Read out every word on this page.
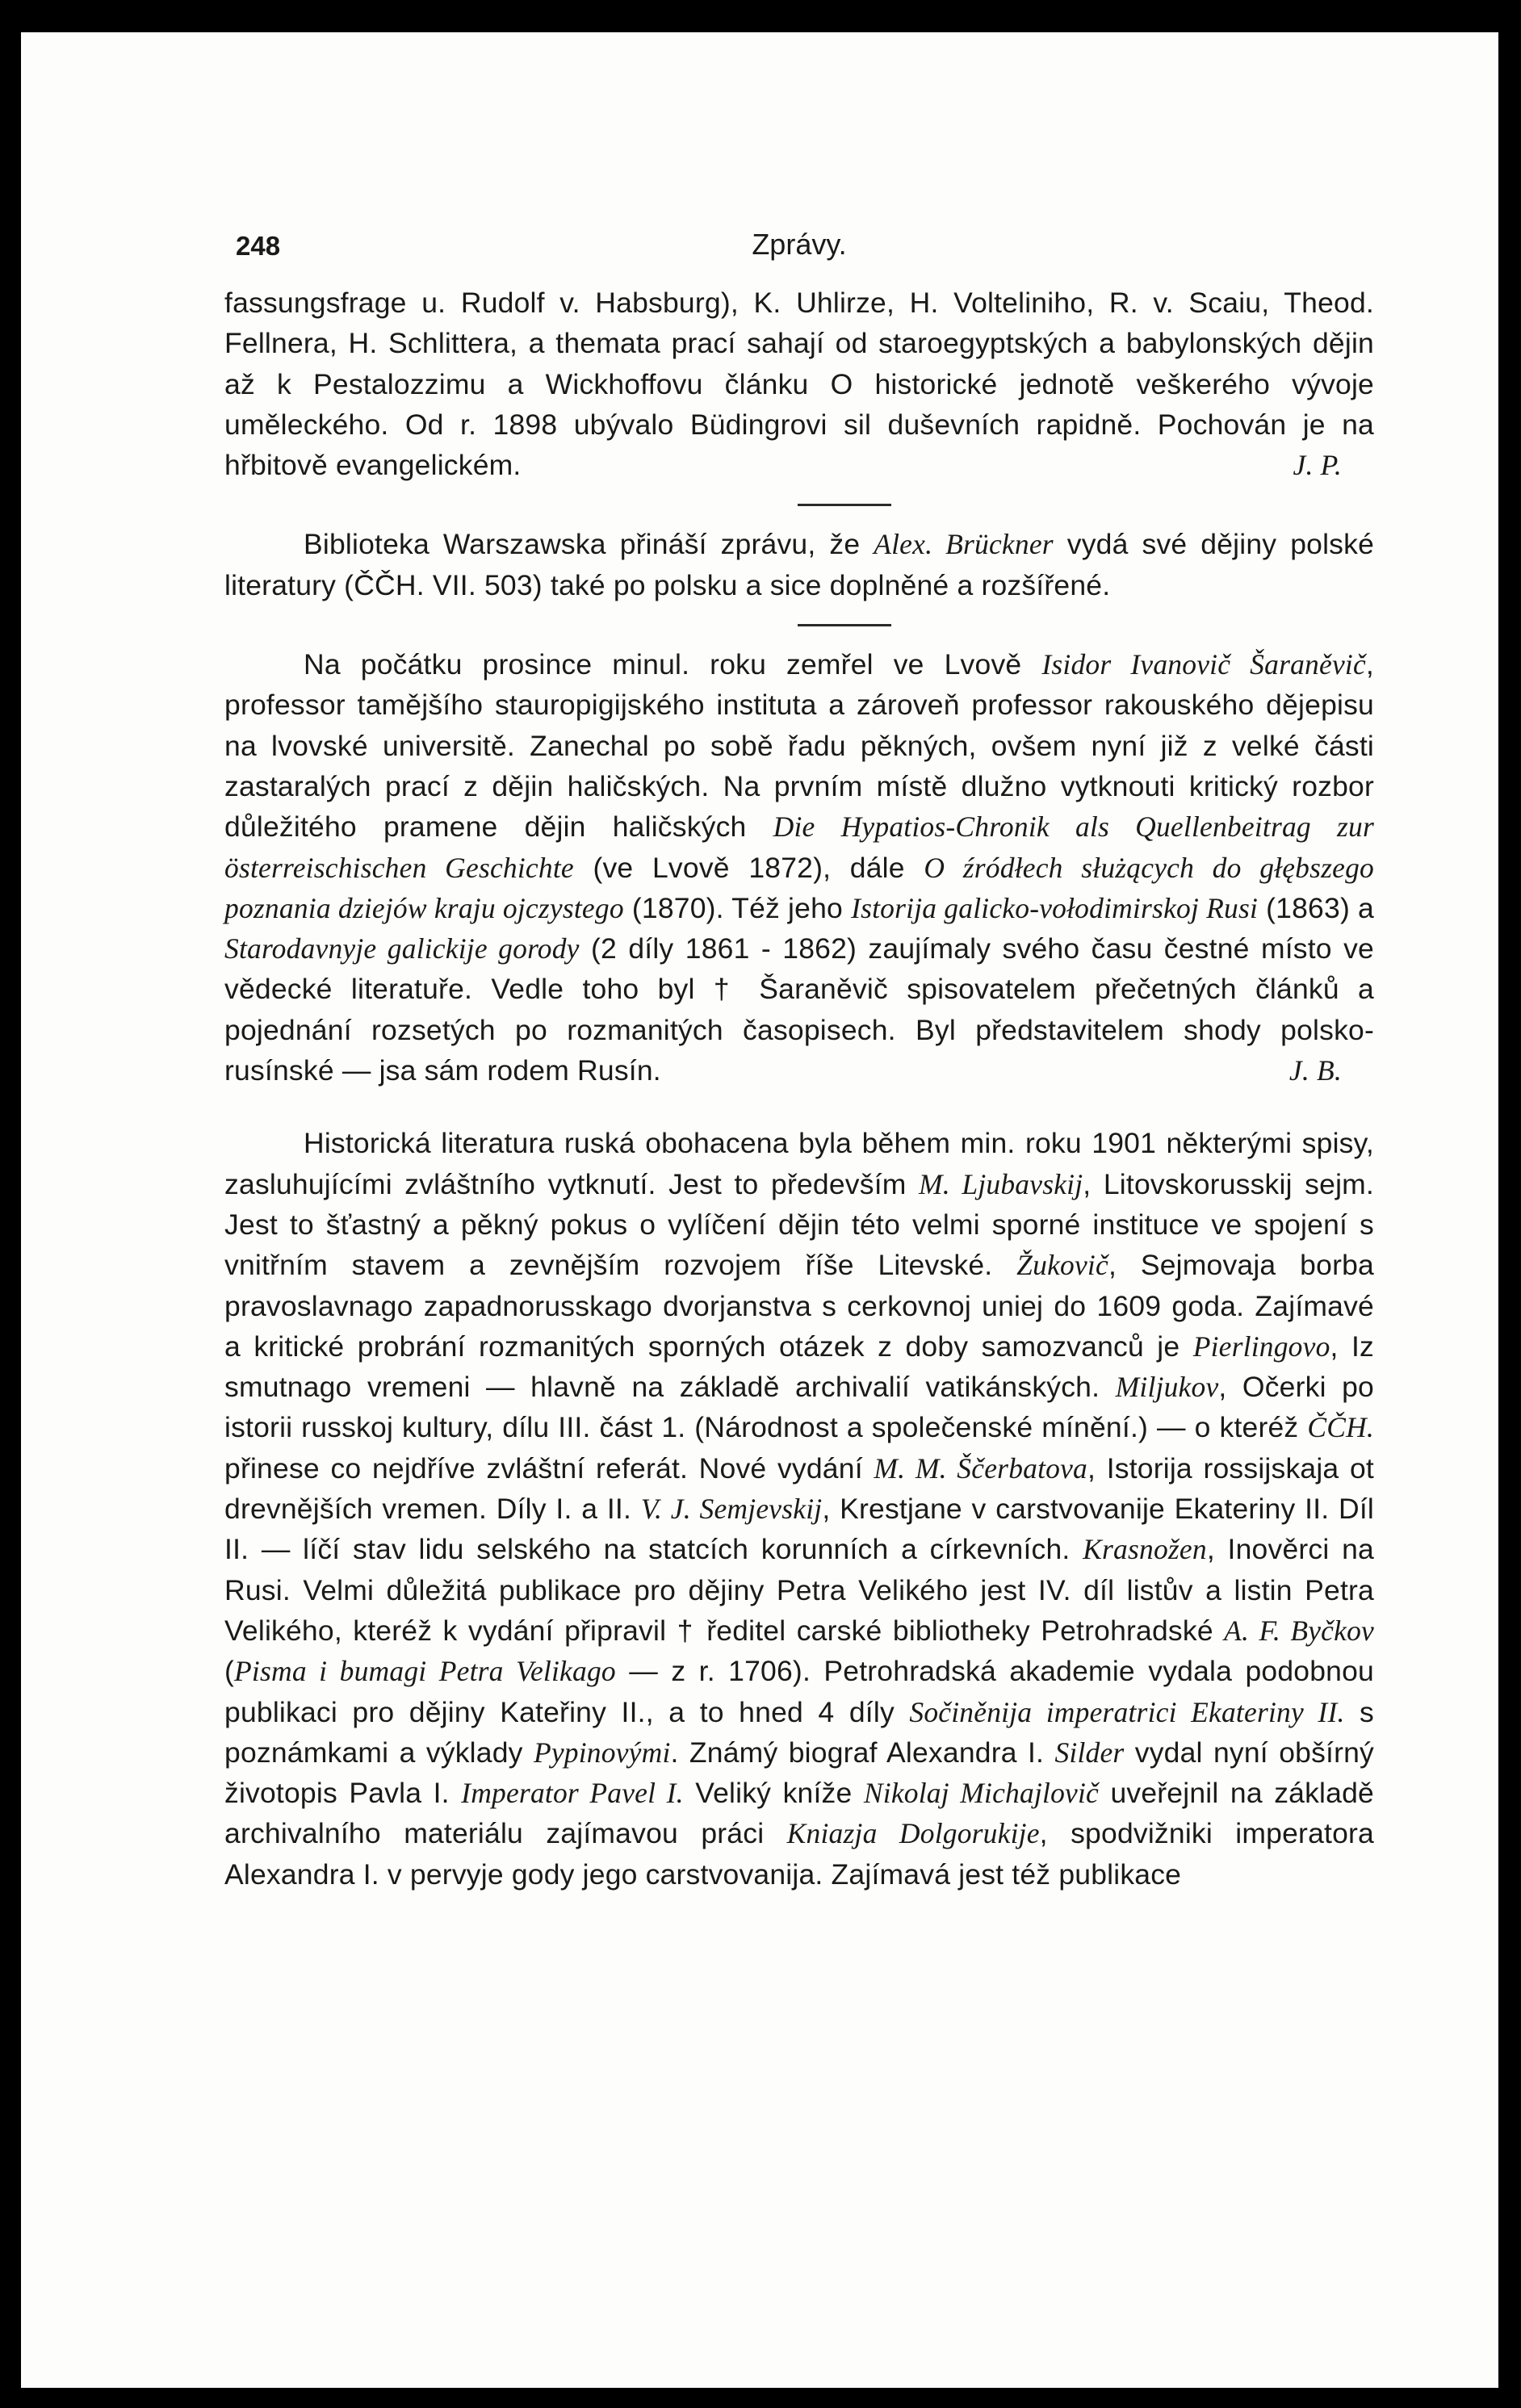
248	Zprávy.

fassungsfrage u. Rudolf v. Habsburg), K. Uhlirze, H. Volteliniho, R. v. Scaiu, Theod. Fellnera, H. Schlittera, a themata prací sahají od staroegyptských a babylonských dějin až k Pestalozzimu a Wickhoffovu článku O historické jednotě veškerého vývoje uměleckého. Od r. 1898 ubývalo Büdingrovi sil duševních rapidně. Pochován je na hřbitově evangelickém.	J. P.

Biblioteka Warszawska přináší zprávu, že Alex. Brückner vydá své dějiny polské literatury (ČČH. VII. 503) také po polsku a sice doplněné a rozšířené.

Na počátku prosince minul. roku zemřel ve Lvově Isidor Ivanovič Šaraněvič, professor tamějšího stauropigijského instituta a zároveň professor rakouského dějepisu na lvovské universitě. Zanechal po sobě řadu pěkných, ovšem nyní již z velké části zastaralých prací z dějin haličských. Na prvním místě dlužno vytknouti kritický rozbor důležitého pramene dějin haličských Die Hypatios-Chronik als Quellenbeitrag zur österreischischen Geschichte (ve Lvově 1872), dále O źródłech służących do głębszego poznania dziejów kraju ojczystego (1870). Též jeho Istorija galicko-vołodimirskoj Rusi (1863) a Starodavnyje galickije gorody (2 díly 1861 - 1862) zaujímaly svého času čestné místo ve vědecké literatuře. Vedle toho byl † Šaraněvič spisovatelem přečetných článků a pojednání rozsetých po rozmanitých časopisech. Byl představitelem shody polsko-rusínské — jsa sám rodem Rusín.	J. B.

Historická literatura ruská obohacena byla během min. roku 1901 některými spisy, zasluhujícími zvláštního vytknutí. Jest to především M. Ljubavskij, Litovskorusskij sejm. Jest to šťastný a pěkný pokus o vylíčení dějin této velmi sporné instituce ve spojení s vnitřním stavem a zevnějším rozvojem říše Litevské. Žukovič, Sejmovaja borba pravoslavnago zapadnorusskago dvorjanstva s cerkovnoj uniej do 1609 goda. Zajímavé a kritické probrání rozmanitých sporných otázek z doby samozvanců je Pierlingovo, Iz smutnago vremeni — hlavně na základě archivalií vatikánských. Miljukov, Očerki po istorii russkoj kultury, dílu III. část 1. (Národnost a společenské mínění.) — o kteréž ČČH. přinese co nejdříve zvláštní referát. Nové vydání M. M. Ščerbatova, Istorija rossijskaja ot drevnějších vremen. Díly I. a II. V. J. Semjevskij, Krestjane v carstvovanije Ekateriny II. Díl II. — líčí stav lidu selského na statcích korunních a církevních. Krasnožen, Inověrci na Rusi. Velmi důležitá publikace pro dějiny Petra Velikého jest IV. díl listův a listin Petra Velikého, kteréž k vydání připravil † ředitel carské bibliotheky Petrohradské A. F. Byčkov (Pisma i bumagi Petra Velikago — z r. 1706). Petrohradská akademie vydala podobnou publikaci pro dějiny Kateřiny II., a to hned 4 díly Sočiněnija imperatrici Ekateriny II. s poznámkami a výklady Pypinovými. Známý biograf Alexandra I. Silder vydal nyní obšírný životopis Pavla I. Imperator Pavel I. Veliký kníže Nikolaj Michajlovič uveřejnil na základě archivalního materiálu zajímavou práci Kniazja Dolgorukije, spodvižniki imperatora Alexandra I. v pervyje gody jego carstvovanija. Zajímavá jest též publikace
